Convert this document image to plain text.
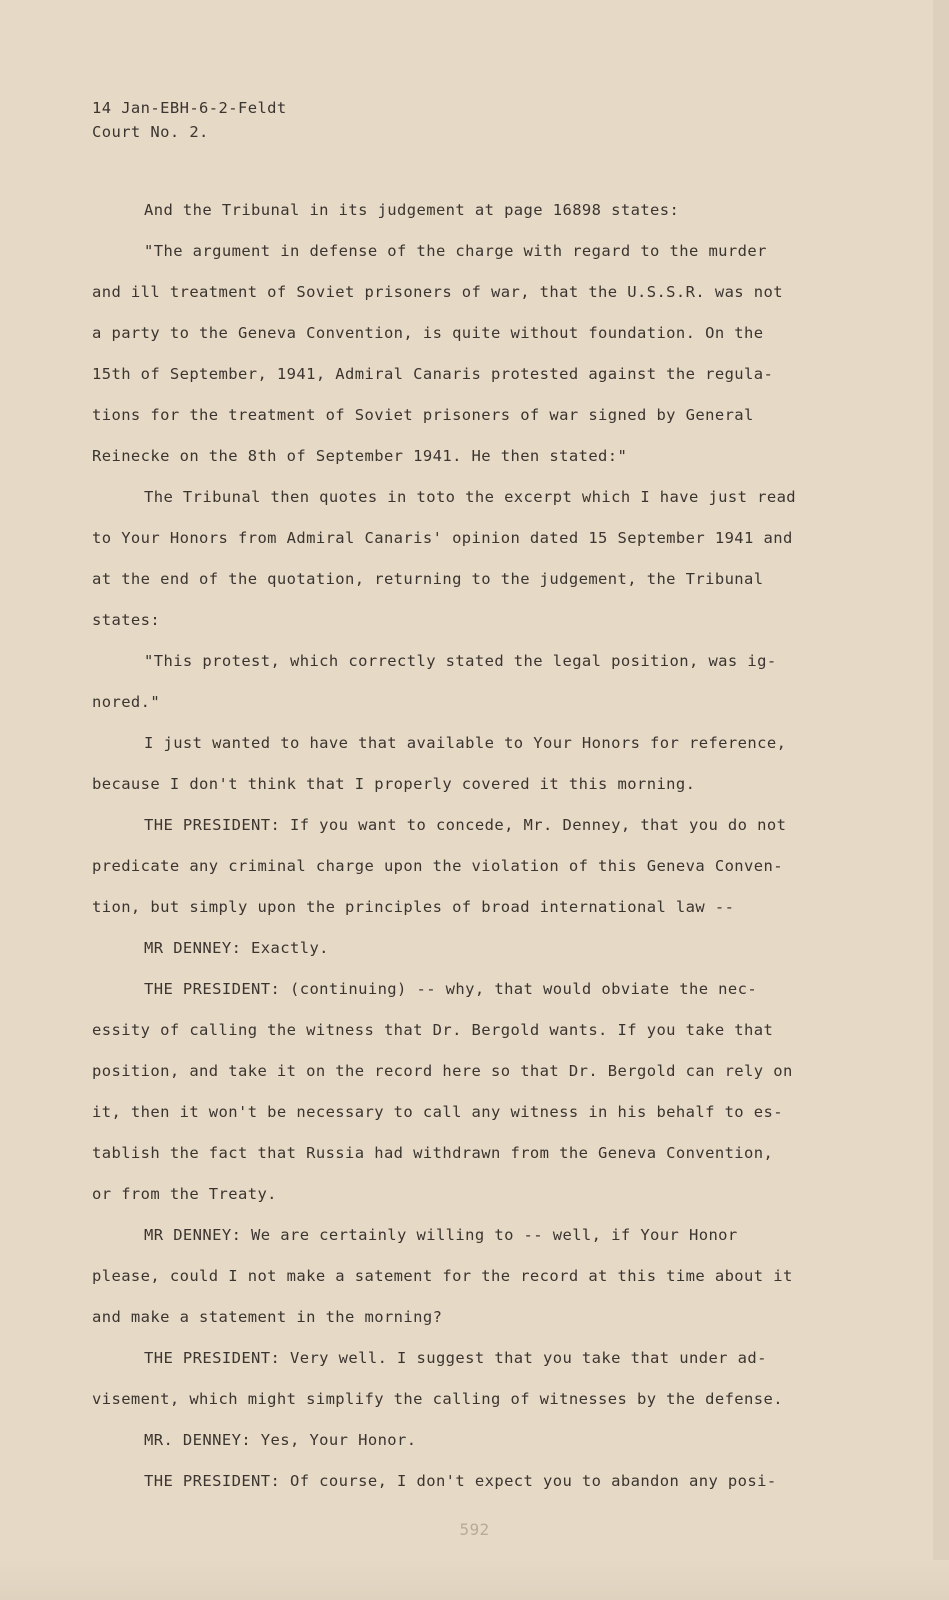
14 Jan-EBH-6-2-Feldt
Court No. 2.
And the Tribunal in its judgement at page 16898 states:
"The argument in defense of the charge with regard to the murder
and ill treatment of Soviet prisoners of war, that the U.S.S.R. was not
a party to the Geneva Convention, is quite without foundation. On the
15th of September, 1941, Admiral Canaris protested against the regula-
tions for the treatment of Soviet prisoners of war signed by General
Reinecke on the 8th of September 1941. He then stated:"
The Tribunal then quotes in toto the excerpt which I have just read
to Your Honors from Admiral Canaris' opinion dated 15 September 1941 and
at the end of the quotation, returning to the judgement, the Tribunal
states:
"This protest, which correctly stated the legal position, was ig-
nored."
I just wanted to have that available to Your Honors for reference,
because I don't think that I properly covered it this morning.
THE PRESIDENT: If you want to concede, Mr. Denney, that you do not
predicate any criminal charge upon the violation of this Geneva Conven-
tion, but simply upon the principles of broad international law --
MR DENNEY: Exactly.
THE PRESIDENT: (continuing) -- why, that would obviate the nec-
essity of calling the witness that Dr. Bergold wants. If you take that
position, and take it on the record here so that Dr. Bergold can rely on
it, then it won't be necessary to call any witness in his behalf to es-
tablish the fact that Russia had withdrawn from the Geneva Convention,
or from the Treaty.
MR DENNEY: We are certainly willing to -- well, if Your Honor
please, could I not make a satement for the record at this time about it
and make a statement in the morning?
THE PRESIDENT: Very well. I suggest that you take that under ad-
visement, which might simplify the calling of witnesses by the defense.
MR. DENNEY: Yes, Your Honor.
THE PRESIDENT: Of course, I don't expect you to abandon any posi-
592
